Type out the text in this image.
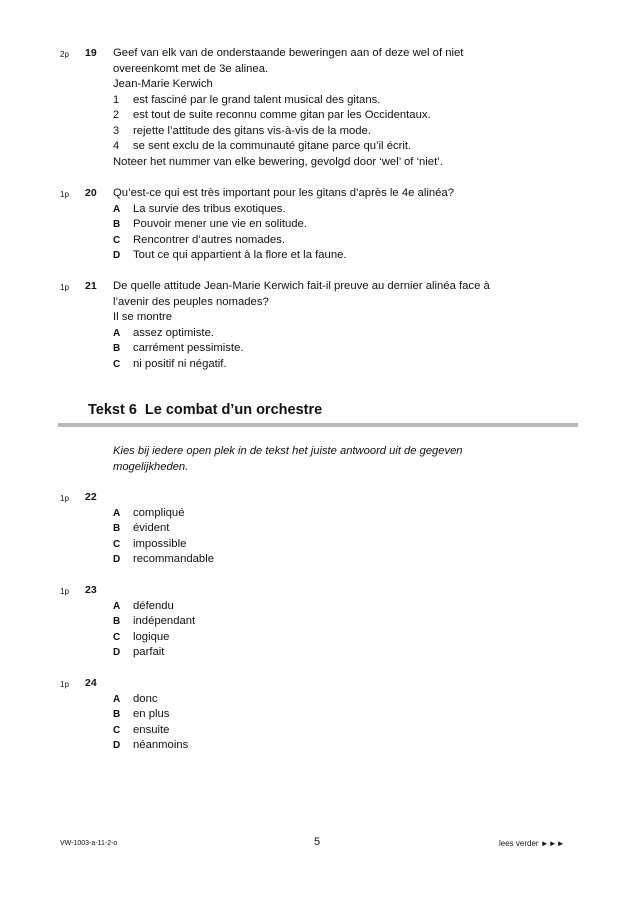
2p 19 Geef van elk van de onderstaande beweringen aan of deze wel of niet
overeenkomt met de 3e alinea.
Jean-Marie Kerwich
1	est fasciné par le grand talent musical des gitans.
2	est tout de suite reconnu comme gitan par les Occidentaux.
3	rejette l’attitude des gitans vis-à-vis de la mode.
4	se sent exclu de la communauté gitane parce qu’il écrit.
Noteer het nummer van elke bewering, gevolgd door ‘wel’ of ‘niet’.
1p 20 Qu’est-ce qui est très important pour les gitans d’après le 4e alinéa?
A	La survie des tribus exotiques.
B	Pouvoir mener une vie en solitude.
C	Rencontrer d’autres nomades.
D	Tout ce qui appartient à la flore et la faune.
1p 21 De quelle attitude Jean-Marie Kerwich fait-il preuve au dernier alinéa face à
l’avenir des peuples nomades?
Il se montre
A	assez optimiste.
B	carrément pessimiste.
C	ni positif ni négatif.
Tekst 6 Le combat d’un orchestre
Kies bij iedere open plek in de tekst het juiste antwoord uit de gegeven
mogelijkheden.
1p 22
A	compliqué
B	évident
C	impossible
D	recommandable
1p 23
A	défendu
B	indépendant
C	logique
D	parfait
1p 24
A	donc
B	en plus
C	ensuite
D	néanmoins
VW-1003-a-11-2-o	5	lees verder ►►►
